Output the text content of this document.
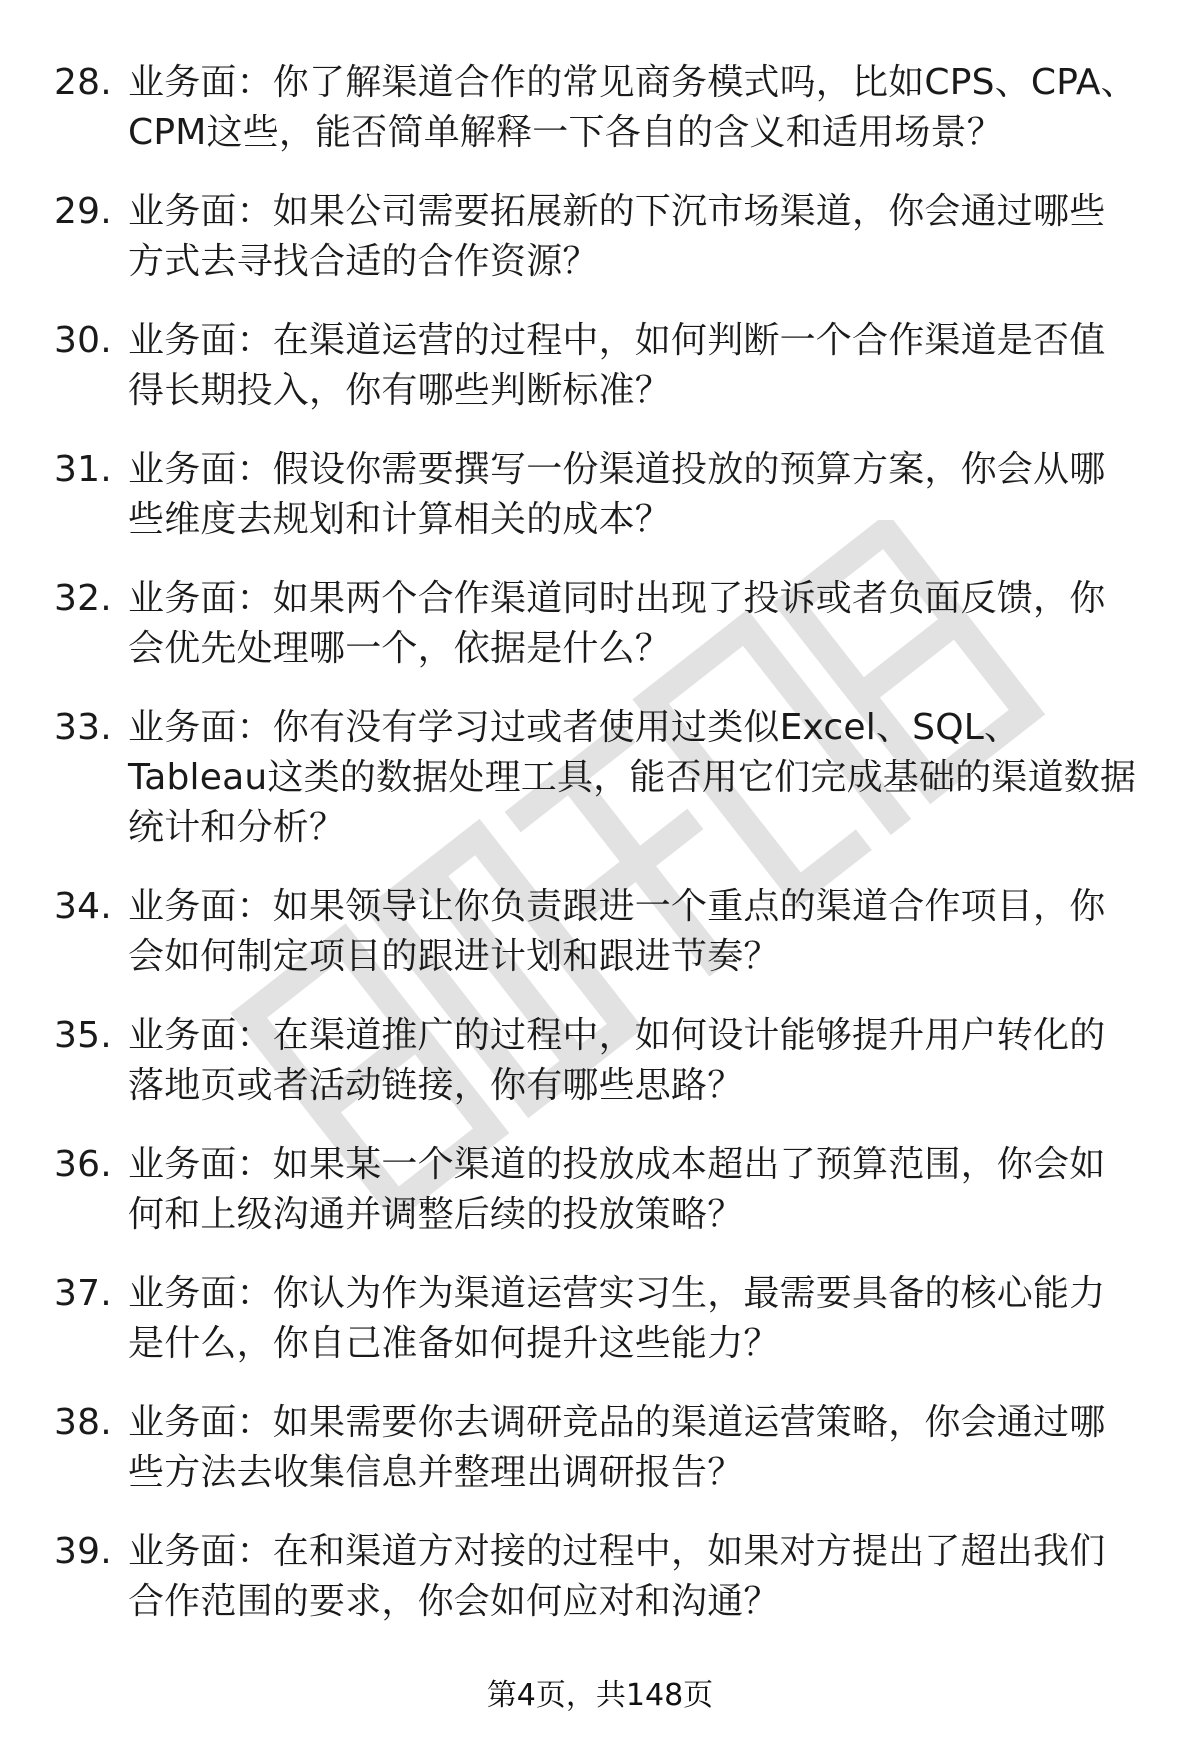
28. 业务面：你了解渠道合作的常见商务模式吗，比如CPS、CPA、CPM这些，能否简单解释一下各自的含义和适用场景？
29. 业务面：如果公司需要拓展新的下沉市场渠道，你会通过哪些方式去寻找合适的合作资源？
30. 业务面：在渠道运营的过程中，如何判断一个合作渠道是否值得长期投入，你有哪些判断标准？
31. 业务面：假设你需要撰写一份渠道投放的预算方案，你会从哪些维度去规划和计算相关的成本？
32. 业务面：如果两个合作渠道同时出现了投诉或者负面反馈，你会优先处理哪一个，依据是什么？
33. 业务面：你有没有学习过或者使用过类似Excel、SQL、Tableau这类的数据处理工具，能否用它们完成基础的渠道数据统计和分析？
34. 业务面：如果领导让你负责跟进一个重点的渠道合作项目，你会如何制定项目的跟进计划和跟进节奏？
35. 业务面：在渠道推广的过程中，如何设计能够提升用户转化的落地页或者活动链接，你有哪些思路？
36. 业务面：如果某一个渠道的投放成本超出了预算范围，你会如何和上级沟通并调整后续的投放策略？
37. 业务面：你认为作为渠道运营实习生，最需要具备的核心能力是什么，你自己准备如何提升这些能力？
38. 业务面：如果需要你去调研竞品的渠道运营策略，你会通过哪些方法去收集信息并整理出调研报告？
39. 业务面：在和渠道方对接的过程中，如果对方提出了超出我们合作范围的要求，你会如何应对和沟通？
第4页，共148页
